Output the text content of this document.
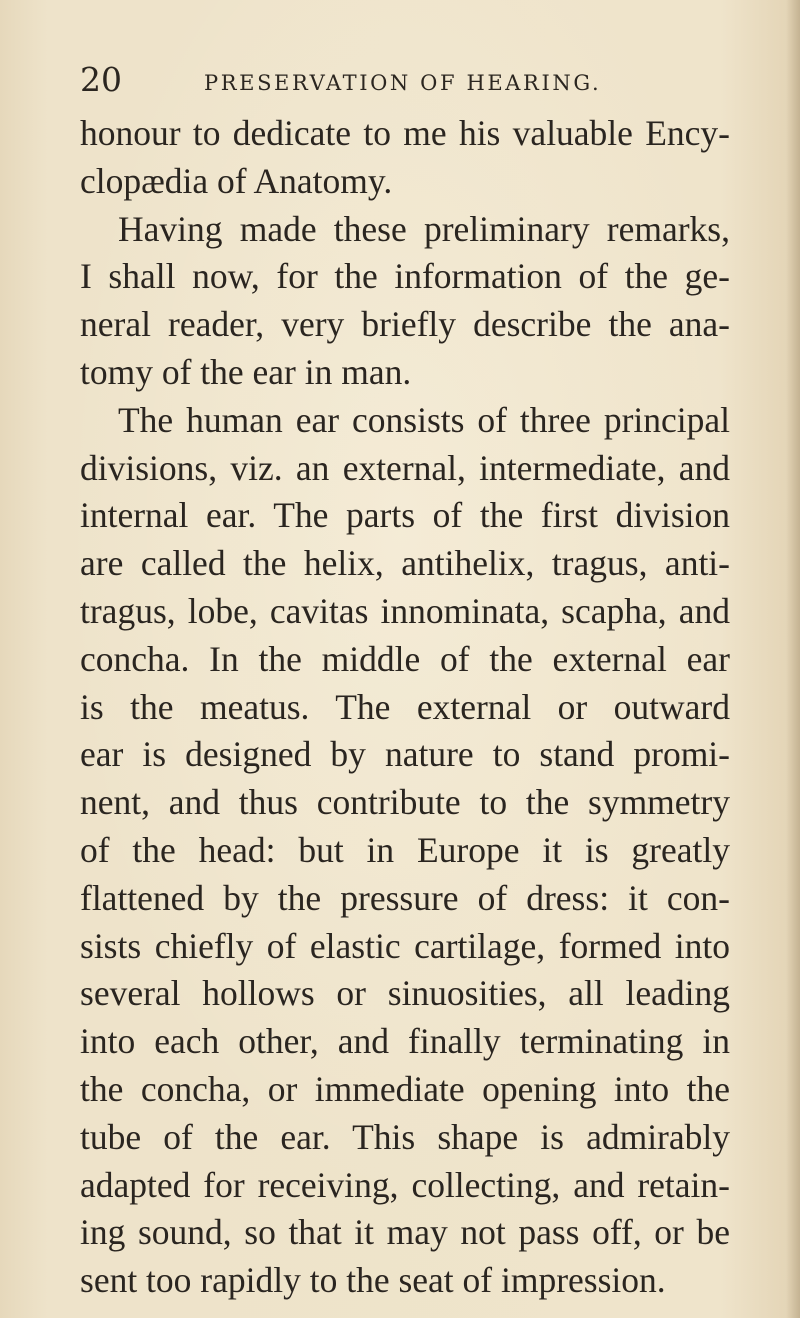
20	PRESERVATION OF HEARING.
honour to dedicate to me his valuable Ency-
clopædia of Anatomy.
Having made these preliminary remarks,
I shall now, for the information of the ge-
neral reader, very briefly describe the ana-
tomy of the ear in man.
The human ear consists of three principal
divisions, viz. an external, intermediate, and
internal ear. The parts of the first division
are called the helix, antihelix, tragus, anti-
tragus, lobe, cavitas innominata, scapha, and
concha. In the middle of the external ear
is the meatus. The external or outward
ear is designed by nature to stand promi-
nent, and thus contribute to the symmetry
of the head: but in Europe it is greatly
flattened by the pressure of dress: it con-
sists chiefly of elastic cartilage, formed into
several hollows or sinuosities, all leading
into each other, and finally terminating in
the concha, or immediate opening into the
tube of the ear. This shape is admirably
adapted for receiving, collecting, and retain-
ing sound, so that it may not pass off, or be
sent too rapidly to the seat of impression.
